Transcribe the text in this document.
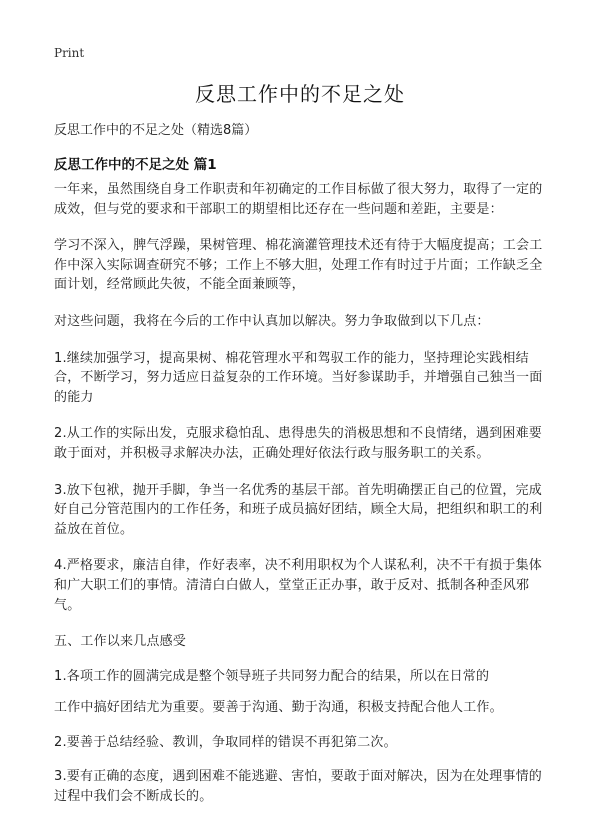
Print
反思工作中的不足之处
反思工作中的不足之处（精选8篇）
反思工作中的不足之处 篇1

一年来，虽然围绕自身工作职责和年初确定的工作目标做了很大努力，取得了一定的成效，但与党的要求和干部职工的期望相比还存在一些问题和差距，主要是：

学习不深入，脾气浮躁，果树管理、棉花滴灌管理技术还有待于大幅度提高；工会工作中深入实际调查研究不够；工作上不够大胆，处理工作有时过于片面；工作缺乏全面计划，经常顾此失彼，不能全面兼顾等，

对这些问题，我将在今后的工作中认真加以解决。努力争取做到以下几点：

1.继续加强学习，提高果树、棉花管理水平和驾驭工作的能力，坚持理论实践相结合，不断学习，努力适应日益复杂的工作环境。当好参谋助手，并增强自己独当一面的能力

2.从工作的实际出发，克服求稳怕乱、患得患失的消极思想和不良情绪，遇到困难要敢于面对，并积极寻求解决办法，正确处理好依法行政与服务职工的关系。

3.放下包袱，抛开手脚，争当一名优秀的基层干部。首先明确摆正自己的位置，完成好自己分管范围内的工作任务，和班子成员搞好团结，顾全大局，把组织和职工的利益放在首位。

4.严格要求，廉洁自律，作好表率，决不利用职权为个人谋私利，决不干有损于集体和广大职工们的事情。清清白白做人，堂堂正正办事，敢于反对、抵制各种歪风邪气。

五、工作以来几点感受

1.各项工作的圆满完成是整个领导班子共同努力配合的结果，所以在日常的

工作中搞好团结尤为重要。要善于沟通、勤于沟通，积极支持配合他人工作。

2.要善于总结经验、教训，争取同样的错误不再犯第二次。

3.要有正确的态度，遇到困难不能逃避、害怕，要敢于面对解决，因为在处理事情的过程中我们会不断成长的。
